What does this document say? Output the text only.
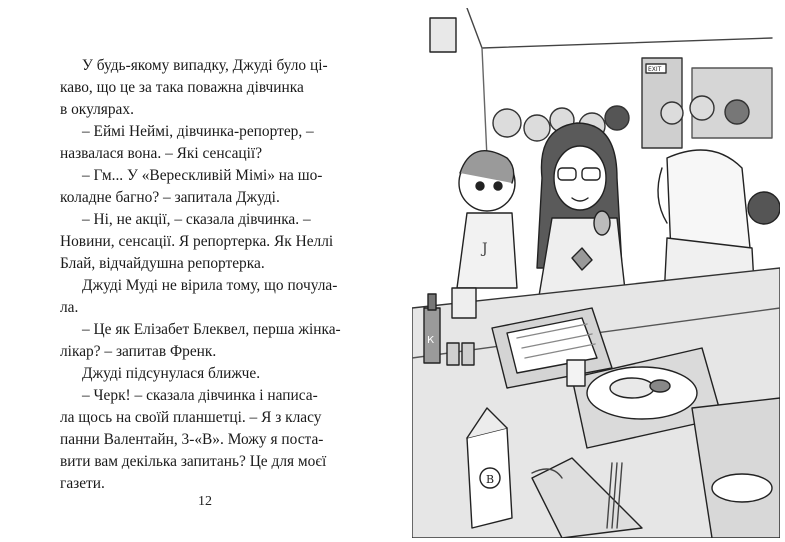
У будь-якому випадку, Джуді було ці-

каво, що це за така поважна дівчинка

в окулярах.

– Еймі Неймі, дівчинка-репортер, –

назвалася вона. – Які сенсації?

– Гм... У «Верескливій Мімі» на шо-

коладне багно? – запитала Джуді.

– Ні, не акції, – сказала дівчинка. –

Новини, сенсації. Я репортерка. Як Неллі

Блай, відчайдушна репортерка.

Джуді Муді не вірила тому, що почула-

ла.

– Це як Елізабет Блеквел, перша жінка-

лікар? – запитав Френк.

Джуді підсунулася ближче.

– Черк! – сказала дівчинка і написа-

ла щось на своїй планшетці. – Я з класу

панни Валентайн, 3-«В». Можу я поста-

вити вам декілька запитань? Це для моєї

газети.

12
EXIT
J
К
В
